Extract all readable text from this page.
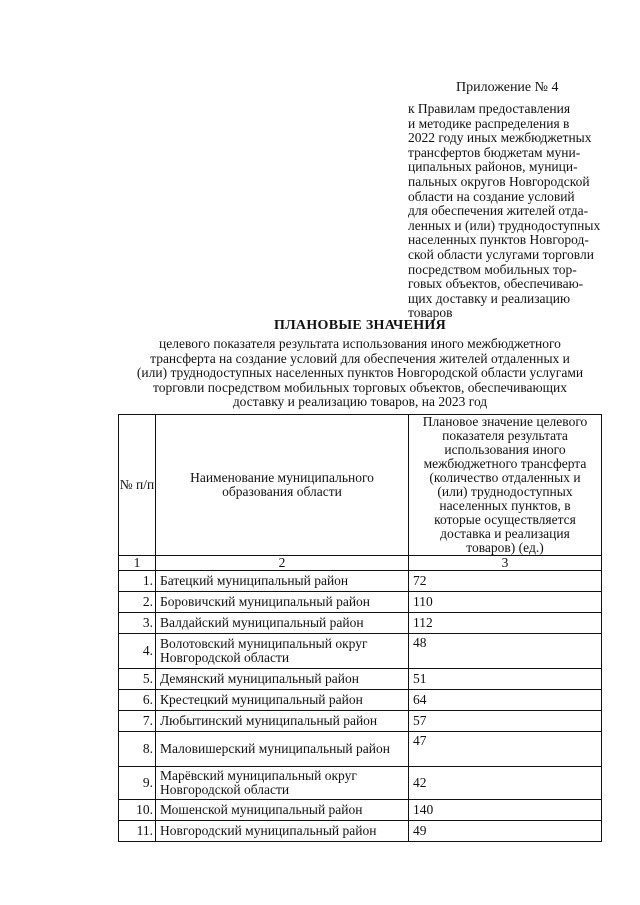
Приложение № 4
к Правилам предоставления
и методике распределения в
2022 году иных межбюджетных
трансфертов бюджетам муни-
ципальных районов, муници-
пальных округов Новгородской
области на создание условий
для обеспечения жителей отда-
ленных и (или) труднодоступных
населенных пунктов Новгород-
ской области услугами торговли
посредством мобильных тор-
говых объектов, обеспечиваю-
щих доставку и реализацию
товаров
ПЛАНОВЫЕ ЗНАЧЕНИЯ
целевого показателя результата использования иного межбюджетного
трансферта на создание условий для обеспечения жителей отдаленных и
(или) труднодоступных населенных пунктов Новгородской области услугами
торговли посредством мобильных торговых объектов, обеспечивающих
доставку и реализацию товаров, на 2023 год
№ п/п	Наименование муниципального образования области	Плановое значение целевого показателя результата использования иного межбюджетного трансферта (количество отдаленных и (или) труднодоступных населенных пунктов, в которые осуществляется доставка и реализация товаров) (ед.)
1	2	3
1.	Батецкий муниципальный район	72
2.	Боровичский муниципальный район	110
3.	Валдайский муниципальный район	112
4.	Волотовский муниципальный округ Новгородской области	48
5.	Демянский муниципальный район	51
6.	Крестецкий муниципальный район	64
7.	Любытинский муниципальный район	57
8.	Маловишерский муниципальный район	47
9.	Марёвский муниципальный округ Новгородской области	42
10.	Мошенской муниципальный район	140
11.	Новгородский муниципальный район	49
